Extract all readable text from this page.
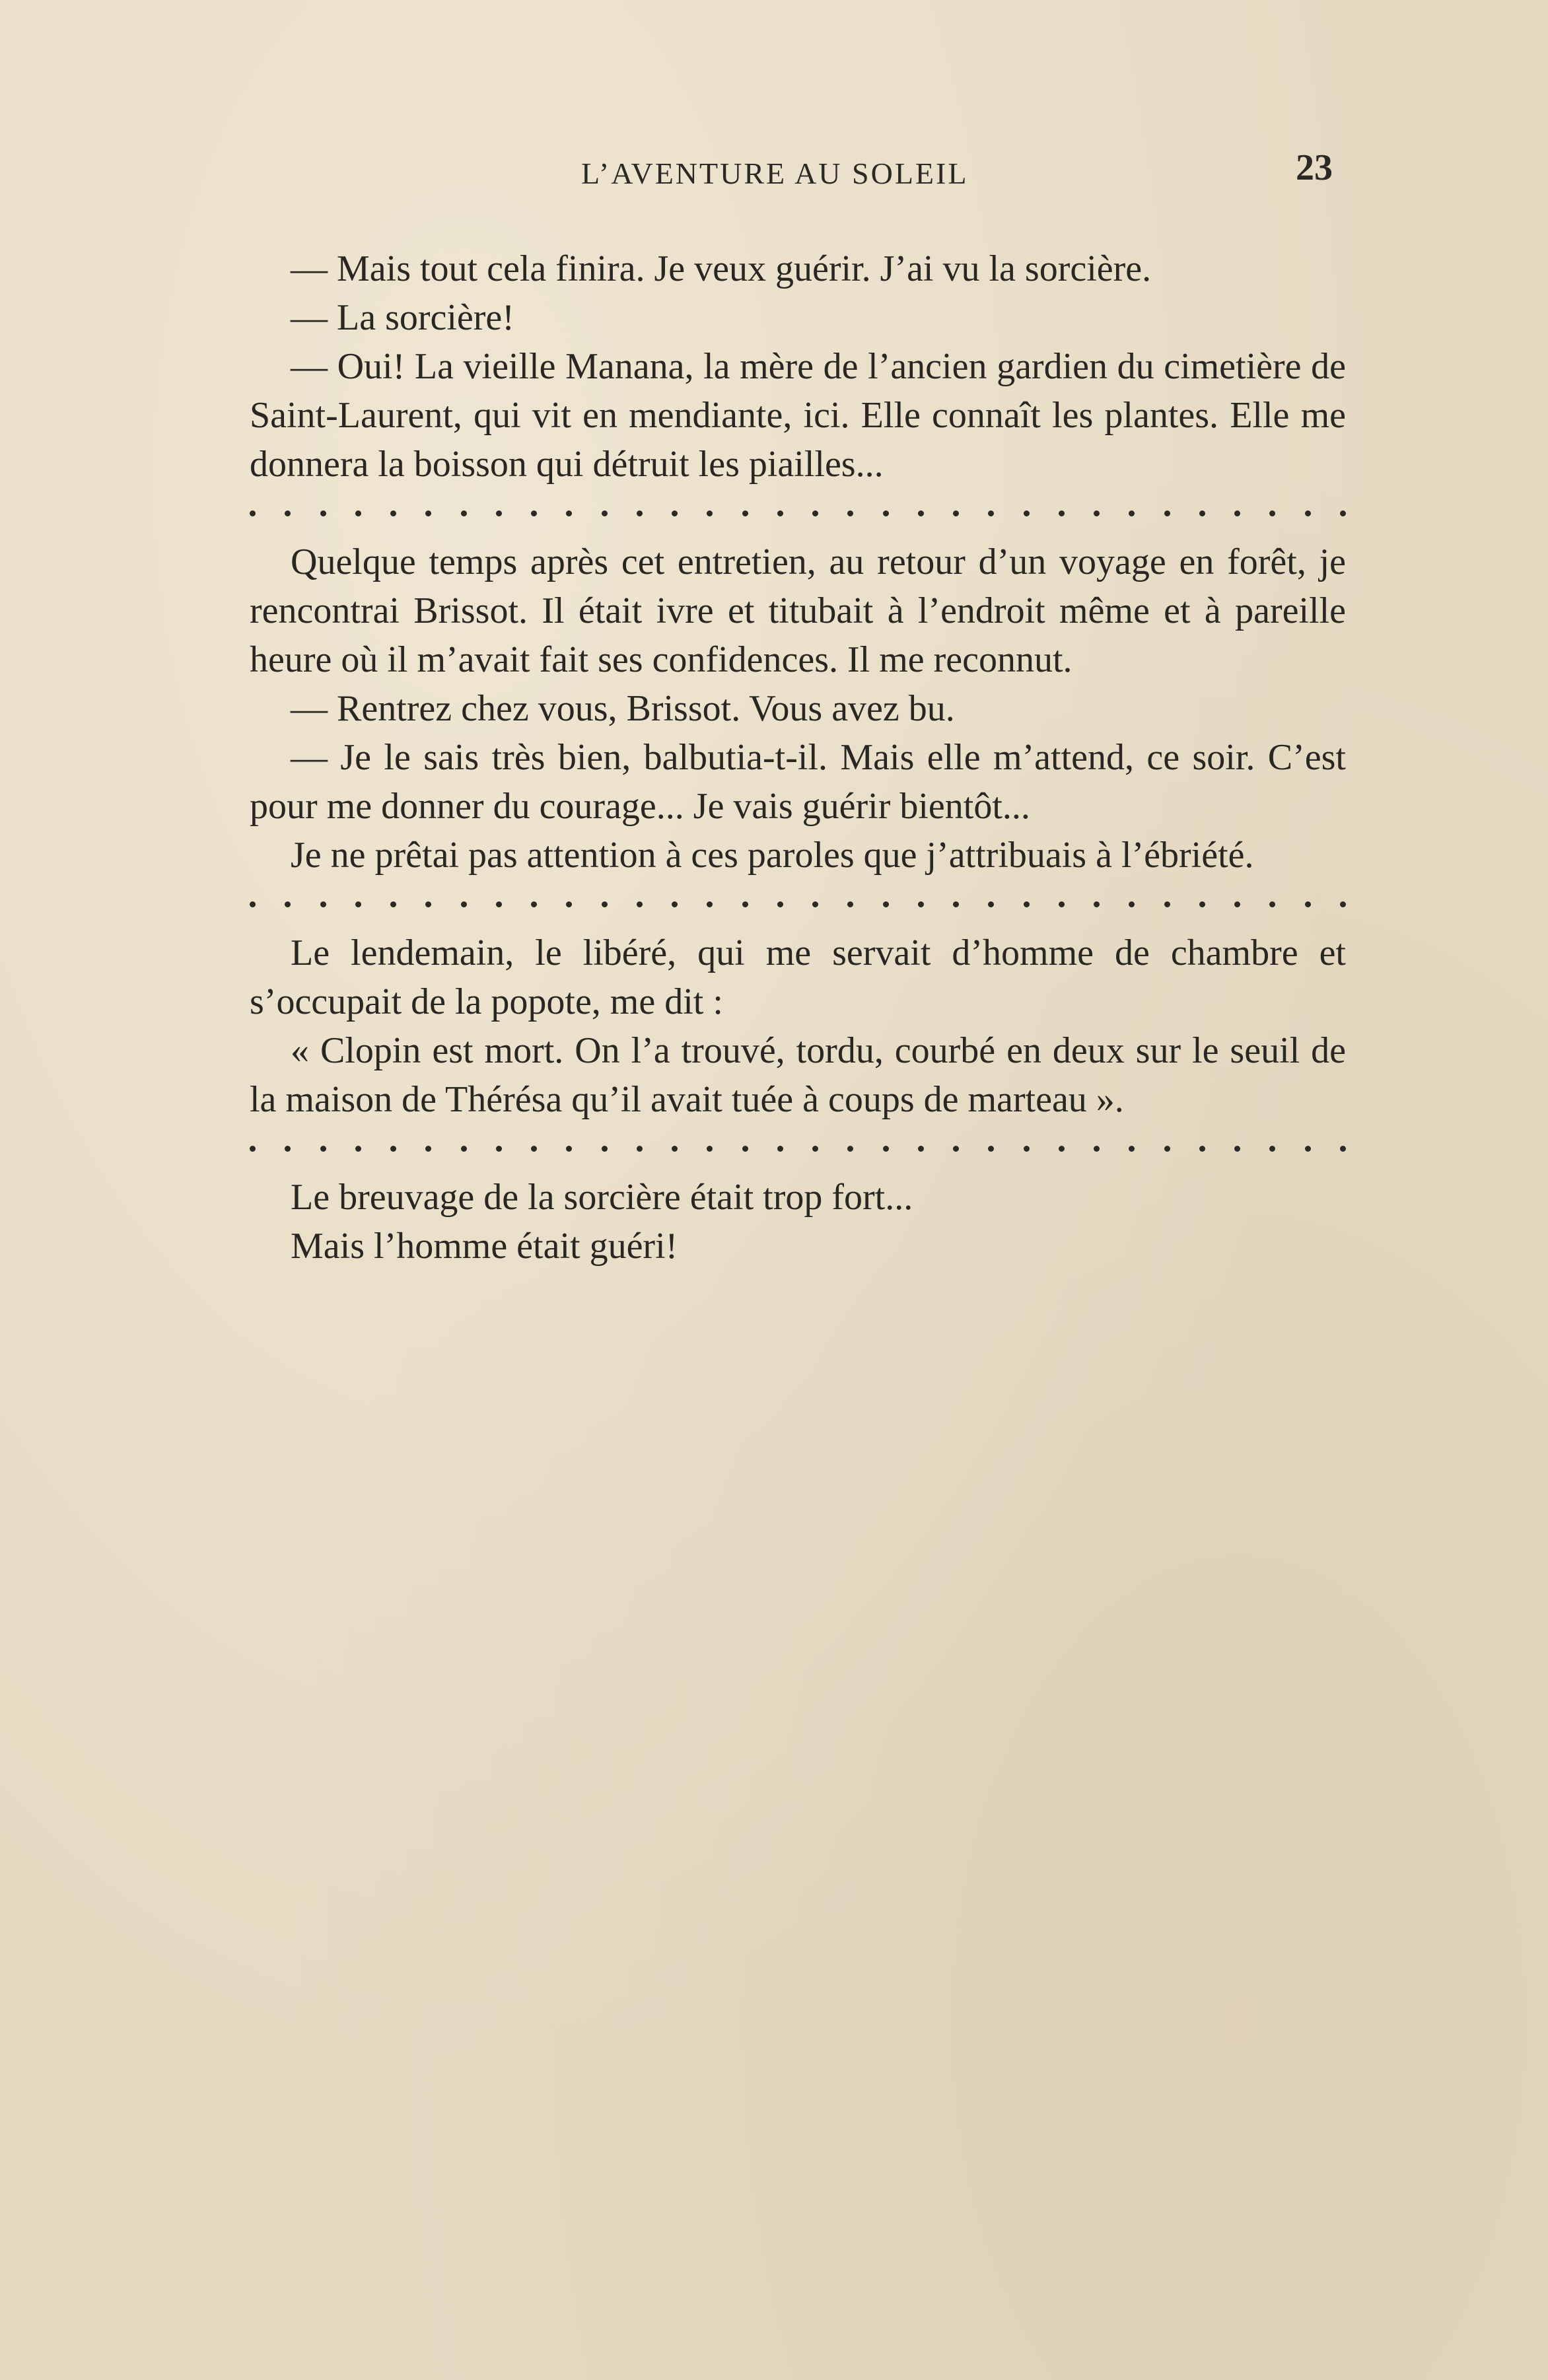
L’AVENTURE AU SOLEIL	23

— Mais tout cela finira. Je veux guérir. J’ai vu la sorcière.

— La sorcière!

— Oui! La vieille Manana, la mère de l’ancien gardien du cimetière de Saint-Laurent, qui vit en mendiante, ici. Elle connaît les plantes. Elle me donnera la boisson qui détruit les piailles...

Quelque temps après cet entretien, au retour d’un voyage en forêt, je rencontrai Brissot. Il était ivre et titubait à l’endroit même et à pareille heure où il m’avait fait ses confidences. Il me reconnut.

— Rentrez chez vous, Brissot. Vous avez bu.

— Je le sais très bien, balbutia-t-il. Mais elle m’attend, ce soir. C’est pour me donner du courage... Je vais guérir bientôt...

Je ne prêtai pas attention à ces paroles que j’attribuais à l’ébriété.

Le lendemain, le libéré, qui me servait d’homme de chambre et s’occupait de la popote, me dit :

« Clopin est mort. On l’a trouvé, tordu, courbé en deux sur le seuil de la maison de Thérésa qu’il avait tuée à coups de marteau ».

Le breuvage de la sorcière était trop fort...

Mais l’homme était guéri!
